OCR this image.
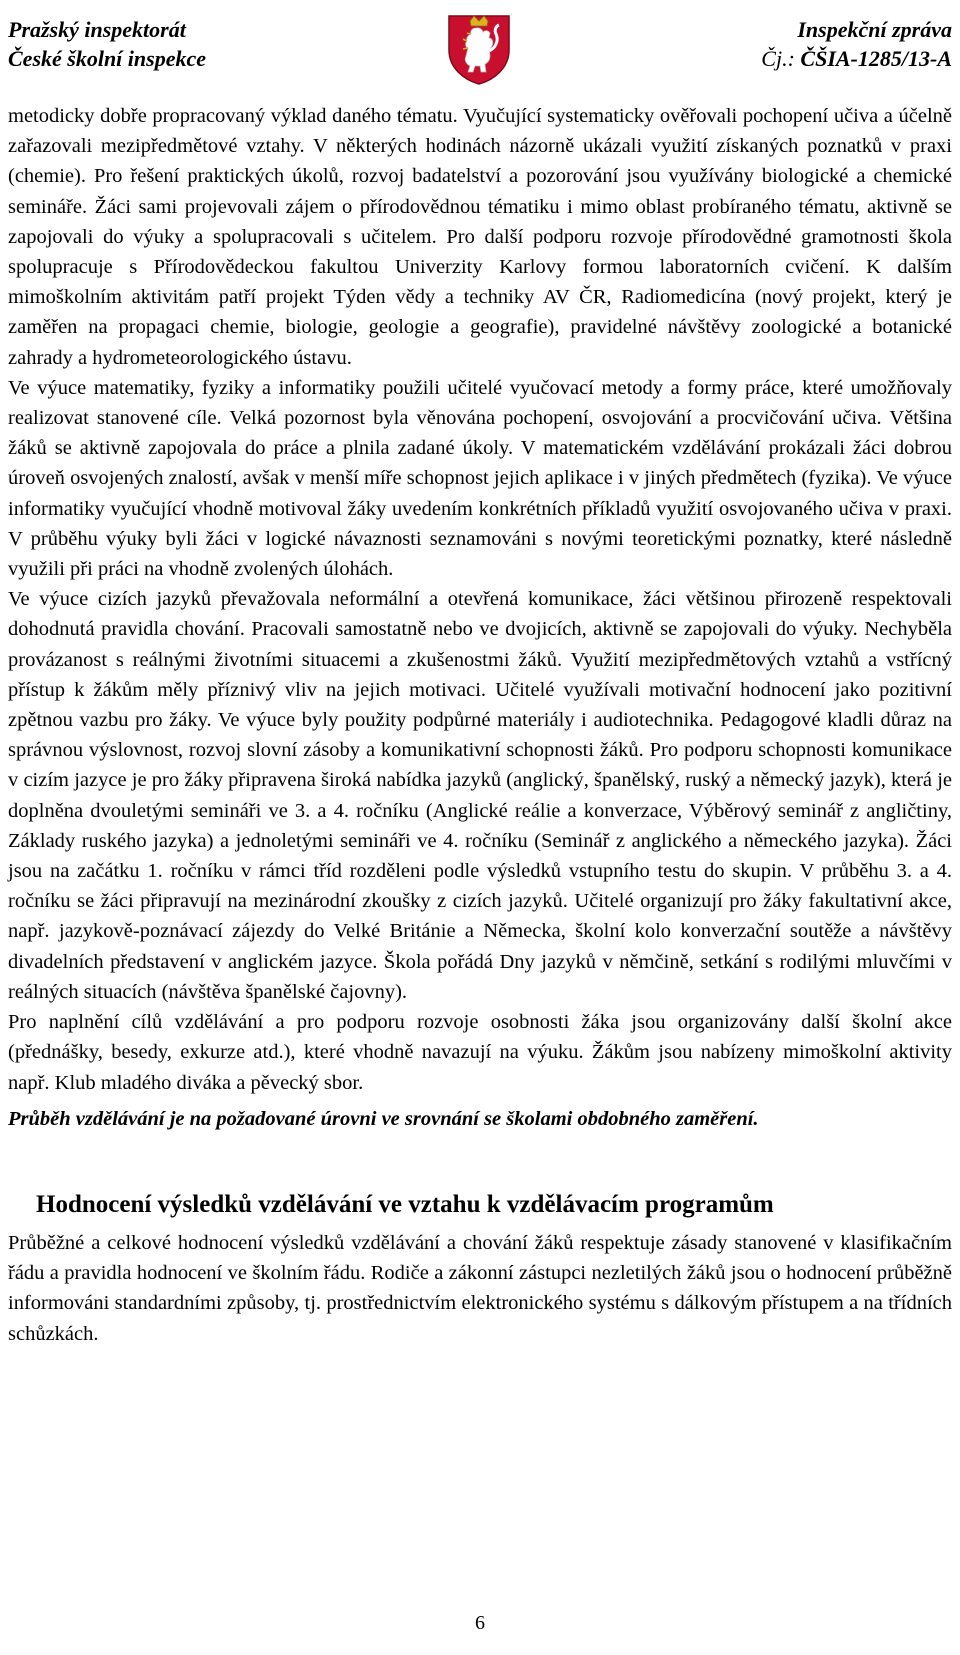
Pražský inspektorát
České školní inspekce
Inspekční zpráva
Čj.: ČŠIA-1285/13-A

metodicky dobře propracovaný výklad daného tématu. Vyučující systematicky ověřovali pochopení učiva a účelně zařazovali mezipředmětové vztahy. V některých hodinách názorně ukázali využití získaných poznatků v praxi (chemie). Pro řešení praktických úkolů, rozvoj badatelství a pozorování jsou využívány biologické a chemické semináře. Žáci sami projevovali zájem o přírodovědnou tématiku i mimo oblast probíraného tématu, aktivně se zapojovali do výuky a spolupracovali s učitelem. Pro další podporu rozvoje přírodovědné gramotnosti škola spolupracuje s Přírodovědeckou fakultou Univerzity Karlovy formou laboratorních cvičení. K dalším mimoškolním aktivitám patří projekt Týden vědy a techniky AV ČR, Radiomedicína (nový projekt, který je zaměřen na propagaci chemie, biologie, geologie a geografie), pravidelné návštěvy zoologické a botanické zahrady a hydrometeorologického ústavu.

Ve výuce matematiky, fyziky a informatiky použili učitelé vyučovací metody a formy práce, které umožňovaly realizovat stanovené cíle. Velká pozornost byla věnována pochopení, osvojování a procvičování učiva. Většina žáků se aktivně zapojovala do práce a plnila zadané úkoly. V matematickém vzdělávání prokázali žáci dobrou úroveň osvojených znalostí, avšak v menší míře schopnost jejich aplikace i v jiných předmětech (fyzika). Ve výuce informatiky vyučující vhodně motivoval žáky uvedením konkrétních příkladů využití osvojovaného učiva v praxi. V průběhu výuky byli žáci v logické návaznosti seznamováni s novými teoretickými poznatky, které následně využili při práci na vhodně zvolených úlohách.

Ve výuce cizích jazyků převažovala neformální a otevřená komunikace, žáci většinou přirozeně respektovali dohodnutá pravidla chování. Pracovali samostatně nebo ve dvojicích, aktivně se zapojovali do výuky. Nechyběla provázanost s reálnými životními situacemi a zkušenostmi žáků. Využití mezipředmětových vztahů a vstřícný přístup k žákům měly příznivý vliv na jejich motivaci. Učitelé využívali motivační hodnocení jako pozitivní zpětnou vazbu pro žáky. Ve výuce byly použity podpůrné materiály i audiotechnika. Pedagogové kladli důraz na správnou výslovnost, rozvoj slovní zásoby a komunikativní schopnosti žáků. Pro podporu schopnosti komunikace v cizím jazyce je pro žáky připravena široká nabídka jazyků (anglický, španělský, ruský a německý jazyk), která je doplněna dvouletými semináři ve 3. a 4. ročníku (Anglické reálie a konverzace, Výběrový seminář z angličtiny, Základy ruského jazyka) a jednoletými semináři ve 4. ročníku (Seminář z anglického a německého jazyka). Žáci jsou na začátku 1. ročníku v rámci tříd rozděleni podle výsledků vstupního testu do skupin. V průběhu 3. a 4. ročníku se žáci připravují na mezinárodní zkoušky z cizích jazyků. Učitelé organizují pro žáky fakultativní akce, např. jazykově-poznávací zájezdy do Velké Británie a Německa, školní kolo konverzační soutěže a návštěvy divadelních představení v anglickém jazyce. Škola pořádá Dny jazyků v němčině, setkání s rodilými mluvčími v reálných situacích (návštěva španělské čajovny).

Pro naplnění cílů vzdělávání a pro podporu rozvoje osobnosti žáka jsou organizovány další školní akce (přednášky, besedy, exkurze atd.), které vhodně navazují na výuku. Žákům jsou nabízeny mimoškolní aktivity např. Klub mladého diváka a pěvecký sbor.

Průběh vzdělávání je na požadované úrovni ve srovnání se školami obdobného zaměření.

Hodnocení výsledků vzdělávání ve vztahu k vzdělávacím programům

Průběžné a celkové hodnocení výsledků vzdělávání a chování žáků respektuje zásady stanovené v klasifikačním řádu a pravidla hodnocení ve školním řádu. Rodiče a zákonní zástupci nezletilých žáků jsou o hodnocení průběžně informováni standardními způsoby, tj. prostřednictvím elektronického systému s dálkovým přístupem a na třídních schůzkách.

6
